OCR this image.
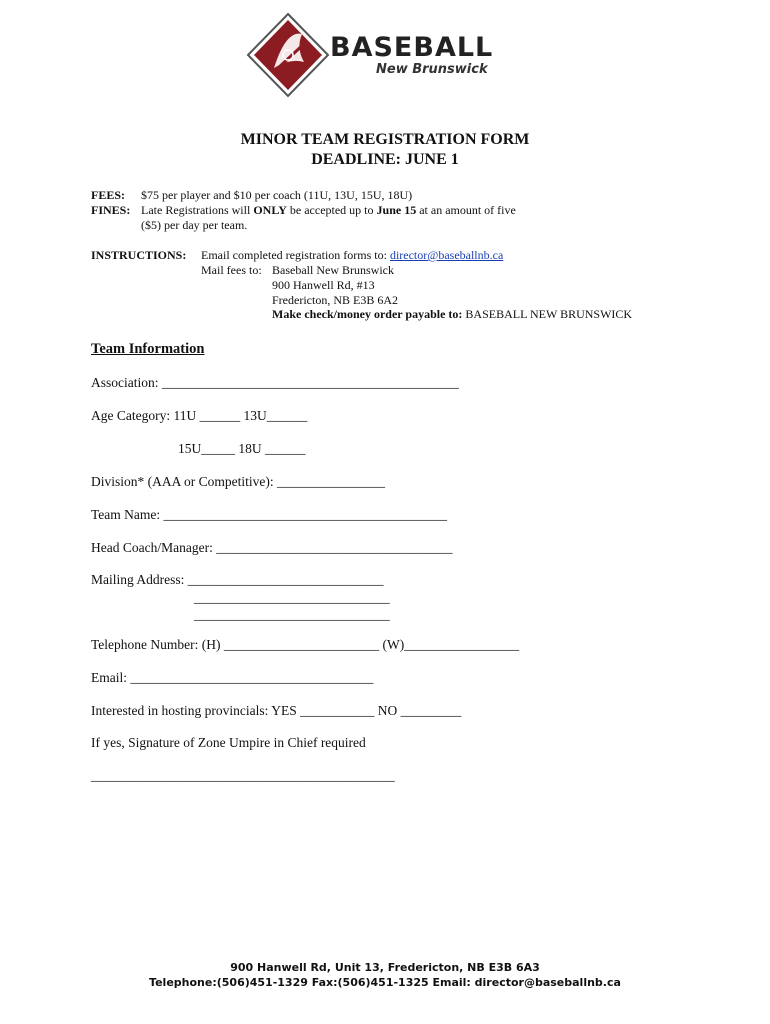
BASEBALL
New Brunswick
MINOR TEAM REGISTRATION FORM
DEADLINE: JUNE 1
FEES: $75 per player and $10 per coach (11U, 13U, 15U, 18U)
FINES: Late Registrations will ONLY be accepted up to June 15 at an amount of five
($5) per day per team.
INSTRUCTIONS: Email completed registration forms to: director@baseballnb.ca
Mail fees to: Baseball New Brunswick
900 Hanwell Rd, #13
Fredericton, NB E3B 6A2
Make check/money order payable to: BASEBALL NEW BRUNSWICK
Team Information
Association: ____________________________________________
Age Category: 11U ______ 13U______
15U_____ 18U ______
Division* (AAA or Competitive): ________________
Team Name: __________________________________________
Head Coach/Manager: ___________________________________
Mailing Address: _____________________________
_____________________________
_____________________________
Telephone Number: (H) _______________________ (W)_________________
Email: ____________________________________
Interested in hosting provincials: YES ___________ NO _________
If yes, Signature of Zone Umpire in Chief required
_____________________________________________
900 Hanwell Rd, Unit 13, Fredericton, NB E3B 6A3
Telephone:(506)451-1329 Fax:(506)451-1325 Email: director@baseballnb.ca
